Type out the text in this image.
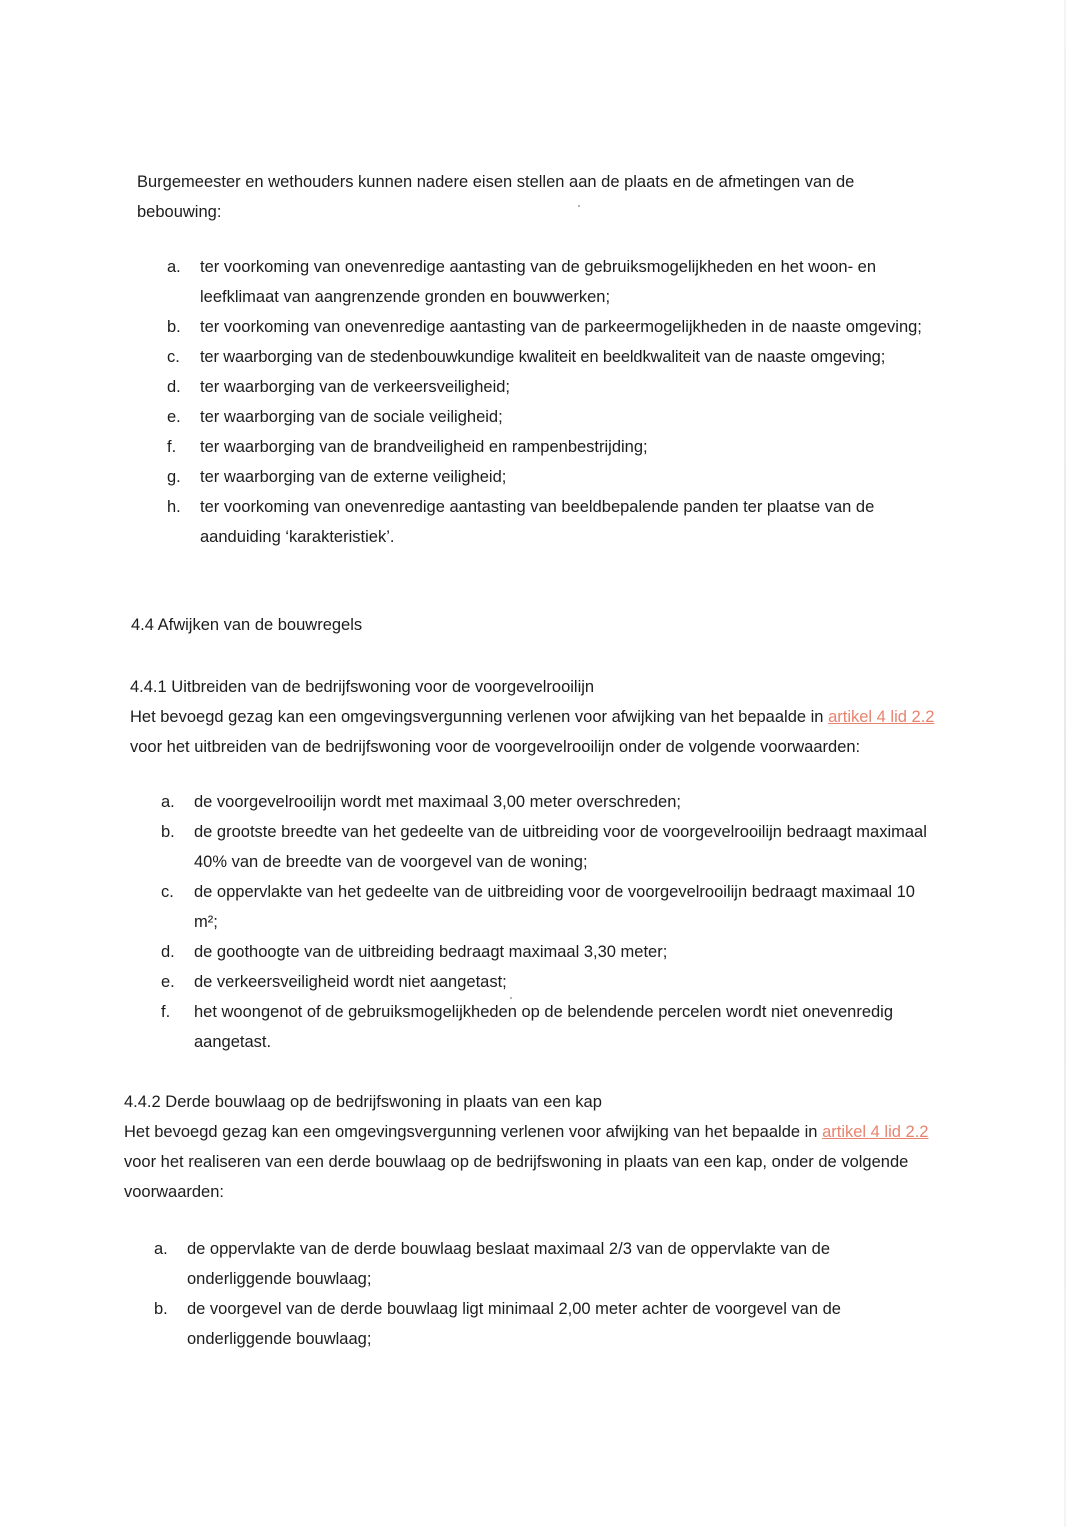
Burgemeester en wethouders kunnen nadere eisen stellen aan de plaats en de afmetingen van de bebouwing:

a.	ter voorkoming van onevenredige aantasting van de gebruiksmogelijkheden en het woon- en leefklimaat van aangrenzende gronden en bouwwerken;
b.	ter voorkoming van onevenredige aantasting van de parkeermogelijkheden in de naaste omgeving;
c.	ter waarborging van de stedenbouwkundige kwaliteit en beeldkwaliteit van de naaste omgeving;
d.	ter waarborging van de verkeersveiligheid;
e.	ter waarborging van de sociale veiligheid;
f.	ter waarborging van de brandveiligheid en rampenbestrijding;
g.	ter waarborging van de externe veiligheid;
h.	ter voorkoming van onevenredige aantasting van beeldbepalende panden ter plaatse van de aanduiding ‘karakteristiek’.

4.4 Afwijken van de bouwregels

4.4.1 Uitbreiden van de bedrijfswoning voor de voorgevelrooilijn

Het bevoegd gezag kan een omgevingsvergunning verlenen voor afwijking van het bepaalde in artikel 4 lid 2.2 voor het uitbreiden van de bedrijfswoning voor de voorgevelrooilijn onder de volgende voorwaarden:

a.	de voorgevelrooilijn wordt met maximaal 3,00 meter overschreden;
b.	de grootste breedte van het gedeelte van de uitbreiding voor de voorgevelrooilijn bedraagt maximaal 40% van de breedte van de voorgevel van de woning;
c.	de oppervlakte van het gedeelte van de uitbreiding voor de voorgevelrooilijn bedraagt maximaal 10 m²;
d.	de goothoogte van de uitbreiding bedraagt maximaal 3,30 meter;
e.	de verkeersveiligheid wordt niet aangetast;
f.	het woongenot of de gebruiksmogelijkheden op de belendende percelen wordt niet onevenredig aangetast.

4.4.2 Derde bouwlaag op de bedrijfswoning in plaats van een kap

Het bevoegd gezag kan een omgevingsvergunning verlenen voor afwijking van het bepaalde in artikel 4 lid 2.2 voor het realiseren van een derde bouwlaag op de bedrijfswoning in plaats van een kap, onder de volgende voorwaarden:

a.	de oppervlakte van de derde bouwlaag beslaat maximaal 2/3 van de oppervlakte van de onderliggende bouwlaag;
b.	de voorgevel van de derde bouwlaag ligt minimaal 2,00 meter achter de voorgevel van de onderliggende bouwlaag;
